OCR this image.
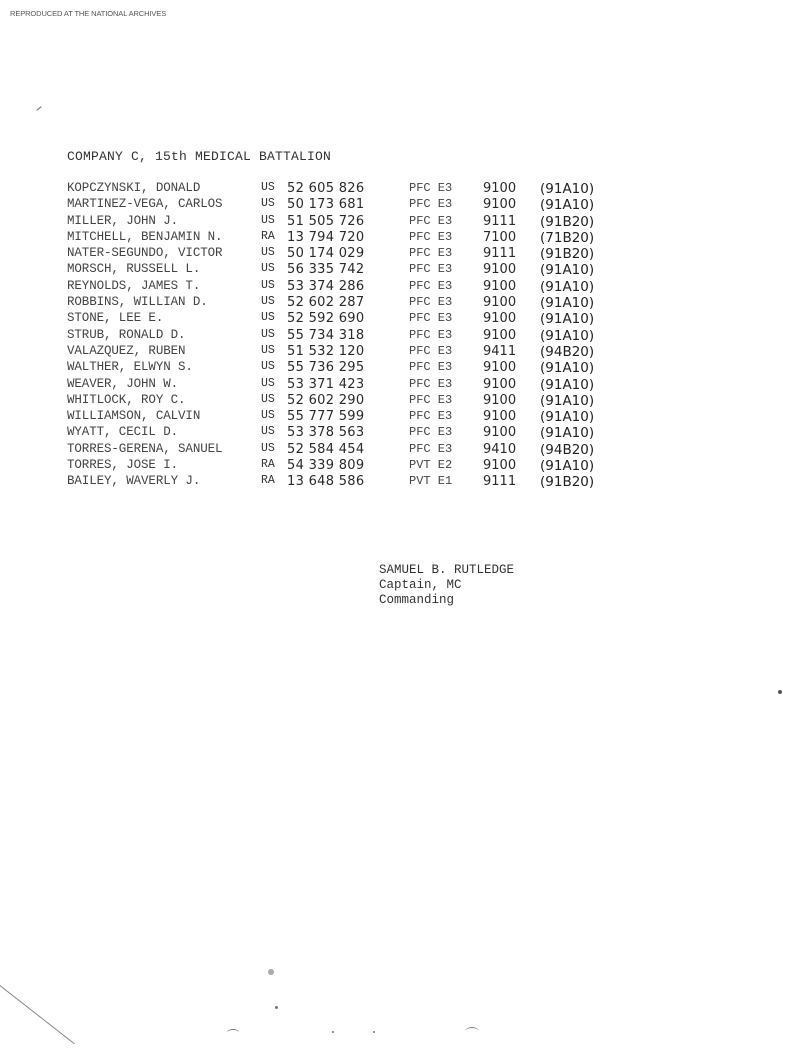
REPRODUCED AT THE NATIONAL ARCHIVES
COMPANY C, 15th MEDICAL BATTALION
KOPCZYNSKI, DONALD	US 52 605 826	PFC E3 9100 (91A10)
MARTINEZ-VEGA, CARLOS	US 50 173 681	PFC E3 9100 (91A10)
MILLER, JOHN J.	US 51 505 726	PFC E3 9111 (91B20)
MITCHELL, BENJAMIN N.	RA 13 794 720	PFC E3 7100 (71B20)
NATER-SEGUNDO, VICTOR	US 50 174 029	PFC E3 9111 (91B20)
MORSCH, RUSSELL L.	US 56 335 742	PFC E3 9100 (91A10)
REYNOLDS, JAMES T.	US 53 374 286	PFC E3 9100 (91A10)
ROBBINS, WILLIAN D.	US 52 602 287	PFC E3 9100 (91A10)
STONE, LEE E.	US 52 592 690	PFC E3 9100 (91A10)
STRUB, RONALD D.	US 55 734 318	PFC E3 9100 (91A10)
VALAZQUEZ, RUBEN	US 51 532 120	PFC E3 9411 (94B20)
WALTHER, ELWYN S.	US 55 736 295	PFC E3 9100 (91A10)
WEAVER, JOHN W.	US 53 371 423	PFC E3 9100 (91A10)
WHITLOCK, ROY C.	US 52 602 290	PFC E3 9100 (91A10)
WILLIAMSON, CALVIN	US 55 777 599	PFC E3 9100 (91A10)
WYATT, CECIL D.	US 53 378 563	PFC E3 9100 (91A10)
TORRES-GERENA, SANUEL	US 52 584 454	PFC E3 9410 (94B20)
TORRES, JOSE I.	RA 54 339 809	PVT E2 9100 (91A10)
BAILEY, WAVERLY J.	RA 13 648 586	PVT E1 9111 (91B20)
SAMUEL B. RUTLEDGE
Captain, MC
Commanding
